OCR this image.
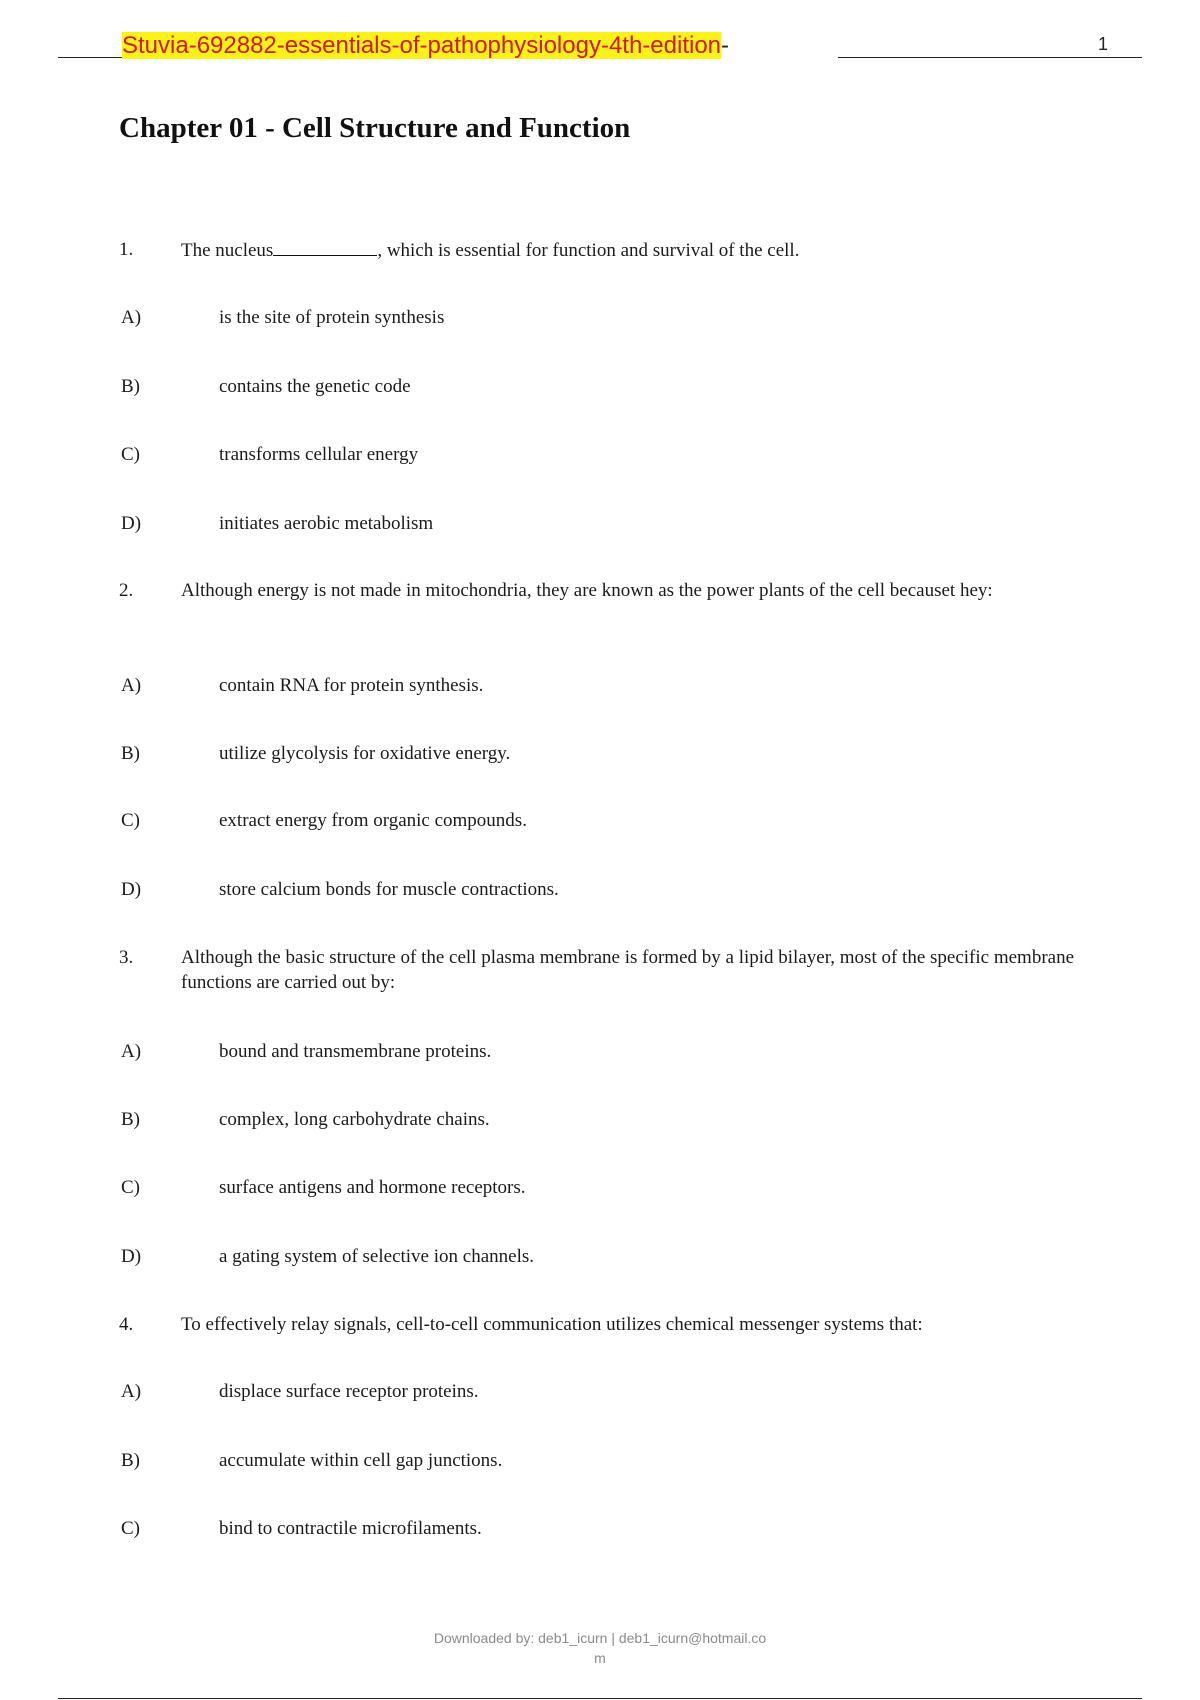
Stuvia-692882-essentials-of-pathophysiology-4th-edition-	1
Chapter 01 - Cell Structure and Function
1.	The nucleus	, which is essential for function and survival of the cell.
A)	is the site of protein synthesis
B)	contains the genetic code
C)	transforms cellular energy
D)	initiates aerobic metabolism
2.	Although energy is not made in mitochondria, they are known as the power plants of the cell becauset hey:
A)	contain RNA for protein synthesis.
B)	utilize glycolysis for oxidative energy.
C)	extract energy from organic compounds.
D)	store calcium bonds for muscle contractions.
3.	Although the basic structure of the cell plasma membrane is formed by a lipid bilayer, most of the specific membrane functions are carried out by:
A)	bound and transmembrane proteins.
B)	complex, long carbohydrate chains.
C)	surface antigens and hormone receptors.
D)	a gating system of selective ion channels.
4.	To effectively relay signals, cell-to-cell communication utilizes chemical messenger systems that:
A)	displace surface receptor proteins.
B)	accumulate within cell gap junctions.
C)	bind to contractile microfilaments.
Downloaded by: deb1_icurn | deb1_icurn@hotmail.co
m
